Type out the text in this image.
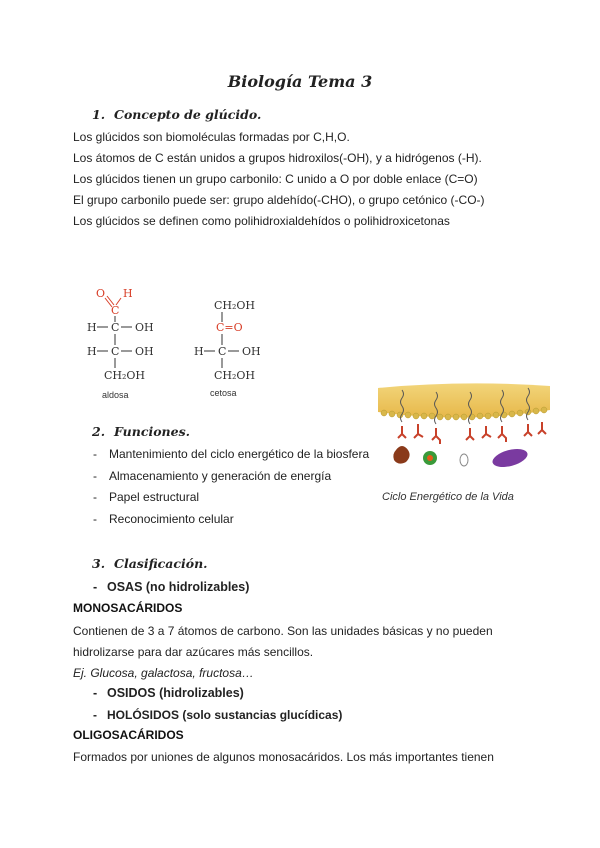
Biología Tema 3
1. Concepto de glúcido.
Los glúcidos son biomoléculas formadas por C,H,O.
Los átomos de C están unidos a grupos hidroxilos(-OH), y a hidrógenos (-H).
Los glúcidos tienen un grupo carbonilo: C unido a O por doble enlace (C=O)
El grupo carbonilo puede ser: grupo aldehído(-CHO), o grupo cetónico (-CO-)
Los glúcidos se definen como polihidroxialdehídos o polihidroxicetonas
O H
C
H C OH
H C OH
CH₂OH
aldosa
CH₂OH
C=O
H C OH
CH₂OH
cetosa
Ciclo Energético de la Vida
2. Funciones.
- Mantenimiento del ciclo energético de la biosfera
- Almacenamiento y generación de energía
- Papel estructural
- Reconocimiento celular
3. Clasificación.
- OSAS (no hidrolizables)
MONOSACÁRIDOS
Contienen de 3 a 7 átomos de carbono. Son las unidades básicas y no pueden
hidrolizarse para dar azúcares más sencillos.
Ej. Glucosa, galactosa, fructosa…
- OSIDOS (hidrolizables)
- HOLÓSIDOS (solo sustancias glucídicas)
OLIGOSACÁRIDOS
Formados por uniones de algunos monosacáridos. Los más importantes tienen
